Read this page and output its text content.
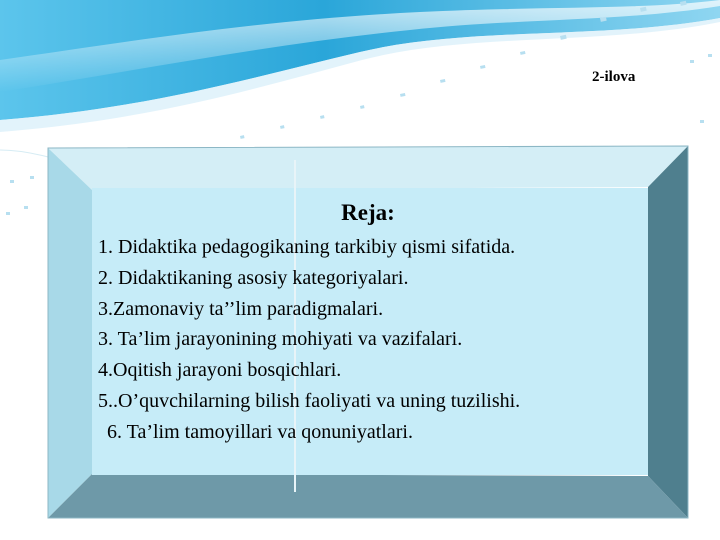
2-ilova
Reja:
1. Didaktika pedagogikaning tarkibiy qismi sifatida.
2. Didaktikaning asosiy kategoriyalari.
3.Zamonaviy ta’’lim paradigmalari.
3. Ta’lim jarayonining mohiyati va vazifalari.
4.Oqitish jarayoni bosqichlari.
5..O’quvchilarning bilish faoliyati va uning tuzilishi.
6. Ta’lim tamoyillari va qonuniyatlari.
